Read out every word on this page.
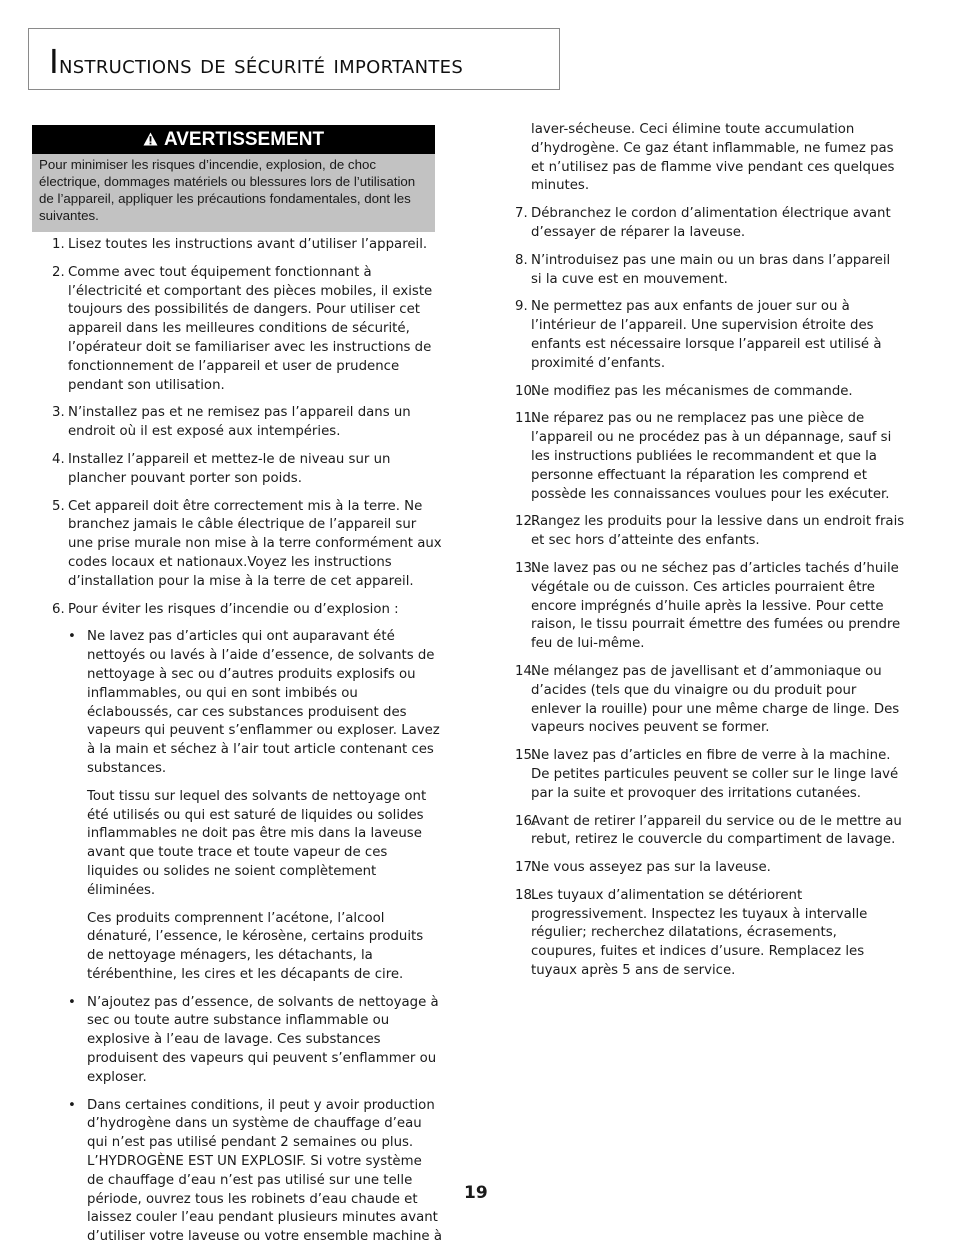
Instructions de sécurité importantes
AVERTISSEMENT
Pour minimiser les risques d’incendie, explosion, de choc électrique, dommages matériels ou blessures lors de l’utilisation de l’appareil, appliquer les précautions fondamentales, dont les suivantes.
1. Lisez toutes les instructions avant d’utiliser l’appareil.
2. Comme avec tout équipement fonctionnant à l’électricité et comportant des pièces mobiles, il existe toujours des possibilités de dangers. Pour utiliser cet appareil dans les meilleures conditions de sécurité, l’opérateur doit se familiariser avec les instructions de fonctionnement de l’appareil et user de prudence pendant son utilisation.
3. N’installez pas et ne remisez pas l’appareil dans un endroit où il est exposé aux intempéries.
4. Installez l’appareil et mettez-le de niveau sur un plancher pouvant porter son poids.
5. Cet appareil doit être correctement mis à la terre. Ne branchez jamais le câble électrique de l’appareil sur une prise murale non mise à la terre conformément aux codes locaux et nationaux.Voyez les instructions d’installation pour la mise à la terre de cet appareil.
6. Pour éviter les risques d’incendie ou d’explosion :
• Ne lavez pas d’articles qui ont auparavant été nettoyés ou lavés à l’aide d’essence, de solvants de nettoyage à sec ou d’autres produits explosifs ou inflammables, ou qui en sont imbibés ou éclaboussés, car ces substances produisent des vapeurs qui peuvent s’enflammer ou exploser. Lavez à la main et séchez à l’air tout article contenant ces substances.

Tout tissu sur lequel des solvants de nettoyage ont été utilisés ou qui est saturé de liquides ou solides inflammables ne doit pas être mis dans la laveuse avant que toute trace et toute vapeur de ces liquides ou solides ne soient complètement éliminées.

Ces produits comprennent l’acétone, l’alcool dénaturé, l’essence, le kérosène, certains produits de nettoyage ménagers, les détachants, la térébenthine, les cires et les décapants de cire.

• N’ajoutez pas d’essence, de solvants de nettoyage à sec ou toute autre substance inflammable ou explosive à l’eau de lavage. Ces substances produisent des vapeurs qui peuvent s’enflammer ou exploser.
• Dans certaines conditions, il peut y avoir production d’hydrogène dans un système de chauffage d’eau qui n’est pas utilisé pendant 2 semaines ou plus. L’HYDROGÈNE EST UN EXPLOSIF. Si votre système de chauffage d’eau n’est pas utilisé sur une telle période, ouvrez tous les robinets d’eau chaude et laissez couler l’eau pendant plusieurs minutes avant d’utiliser votre laveuse ou votre ensemble machine à

laver-sécheuse. Ceci élimine toute accumulation d’hydrogène. Ce gaz étant inflammable, ne fumez pas et n’utilisez pas de flamme vive pendant ces quelques minutes.

7. Débranchez le cordon d’alimentation électrique avant d’essayer de réparer la laveuse.
8. N’introduisez pas une main ou un bras dans l’appareil si la cuve est en mouvement.
9. Ne permettez pas aux enfants de jouer sur ou à l’intérieur de l’appareil. Une supervision étroite des enfants est nécessaire lorsque l’appareil est utilisé à proximité d’enfants.
10.
Ne modifiez pas les mécanismes de commande.
11.
Ne réparez pas ou ne remplacez pas une pièce de l’appareil ou ne procédez pas à un dépannage, sauf si les instructions publiées le recommandent et que la personne effectuant la réparation les comprend et possède les connaissances voulues pour les exécuter.
12.
Rangez les produits pour la lessive dans un endroit frais et sec hors d’atteinte des enfants.
13.
Ne lavez pas ou ne séchez pas d’articles tachés d’huile végétale ou de cuisson. Ces articles pourraient être encore imprégnés d’huile après la lessive. Pour cette raison, le tissu pourrait émettre des fumées ou prendre feu de lui-même.
14.
Ne mélangez pas de javellisant et d’ammoniaque ou d’acides (tels que du vinaigre ou du produit pour enlever la rouille) pour une même charge de linge. Des vapeurs nocives peuvent se former.
15.
Ne lavez pas d’articles en fibre de verre à la machine. De petites particules peuvent se coller sur le linge lavé par la suite et provoquer des irritations cutanées.
16.
Avant de retirer l’appareil du service ou de le mettre au rebut, retirez le couvercle du compartiment de lavage.
17.
Ne vous asseyez pas sur la laveuse.
18.
Les tuyaux d’alimentation se détériorent progressivement. Inspectez les tuyaux à intervalle régulier; recherchez dilatations, écrasements, coupures, fuites et indices d’usure. Remplacez les tuyaux après 5 ans de service.
19
